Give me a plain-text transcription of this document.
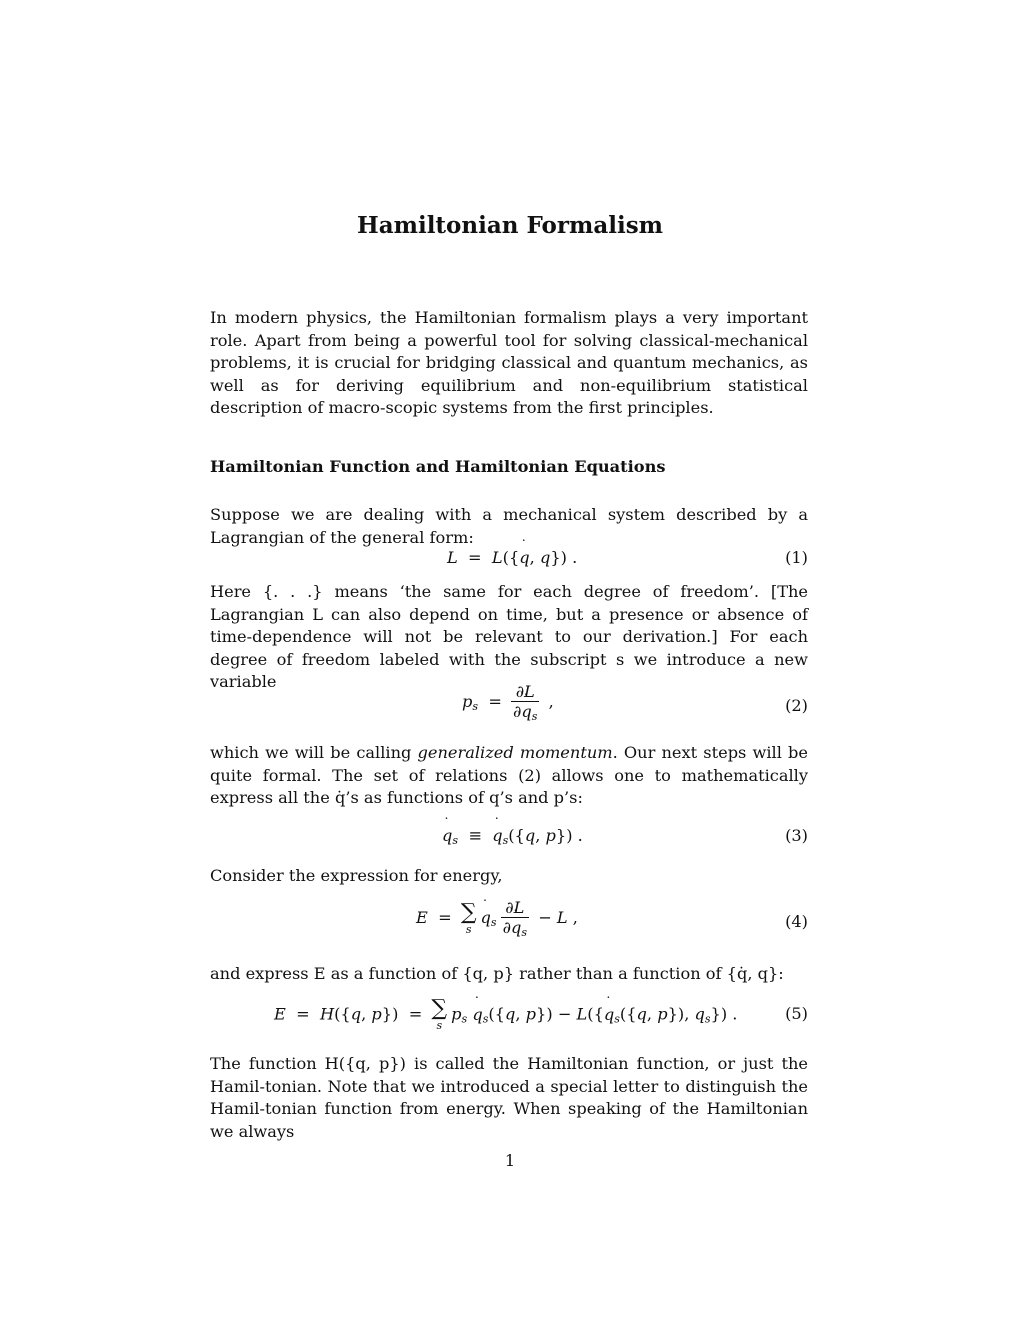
Hamiltonian Formalism

In modern physics, the Hamiltonian formalism plays a very important role. Apart from being a powerful tool for solving classical-mechanical problems, it is crucial for bridging classical and quantum mechanics, as well as for deriving equilibrium and non-equilibrium statistical description of macro-scopic systems from the first principles.

Hamiltonian Function and Hamiltonian Equations

Suppose we are dealing with a mechanical system described by a Lagrangian of the general form:

L  =  L({q ˙, q}) .	(1)

Here {. . .} means ‘the same for each degree of freedom’. [The Lagrangian L can also depend on time, but a presence or absence of time-dependence will not be relevant to our derivation.] For each degree of freedom labeled with the subscript s we introduce a new variable

ps  = $\frac{\partial L}{\partial q ˙s}$ ,	(2)

which we will be calling generalized momentum. Our next steps will be quite formal. The set of relations (2) allows one to mathematically express all the q̇’s as functions of q’s and p’s:

q ˙s  ≡  q ˙s({q, p}) .	(3)

Consider the expression for energy,

E  = ∑
s
q ˙s $\frac{\partial L}{\partial q ˙s} - L$ ,	(4)

and express E as a function of {q, p} rather than a function of {q̇, q}:

E  =  H({q, p})  = ∑
s
ps q ˙s({q, p}) − L({q ˙s({q, p}), qs}) .	(5)

The function H({q, p}) is called the Hamiltonian function, or just the Hamil-tonian. Note that we introduced a special letter to distinguish the Hamil-tonian function from energy. When speaking of the Hamiltonian we always

1
